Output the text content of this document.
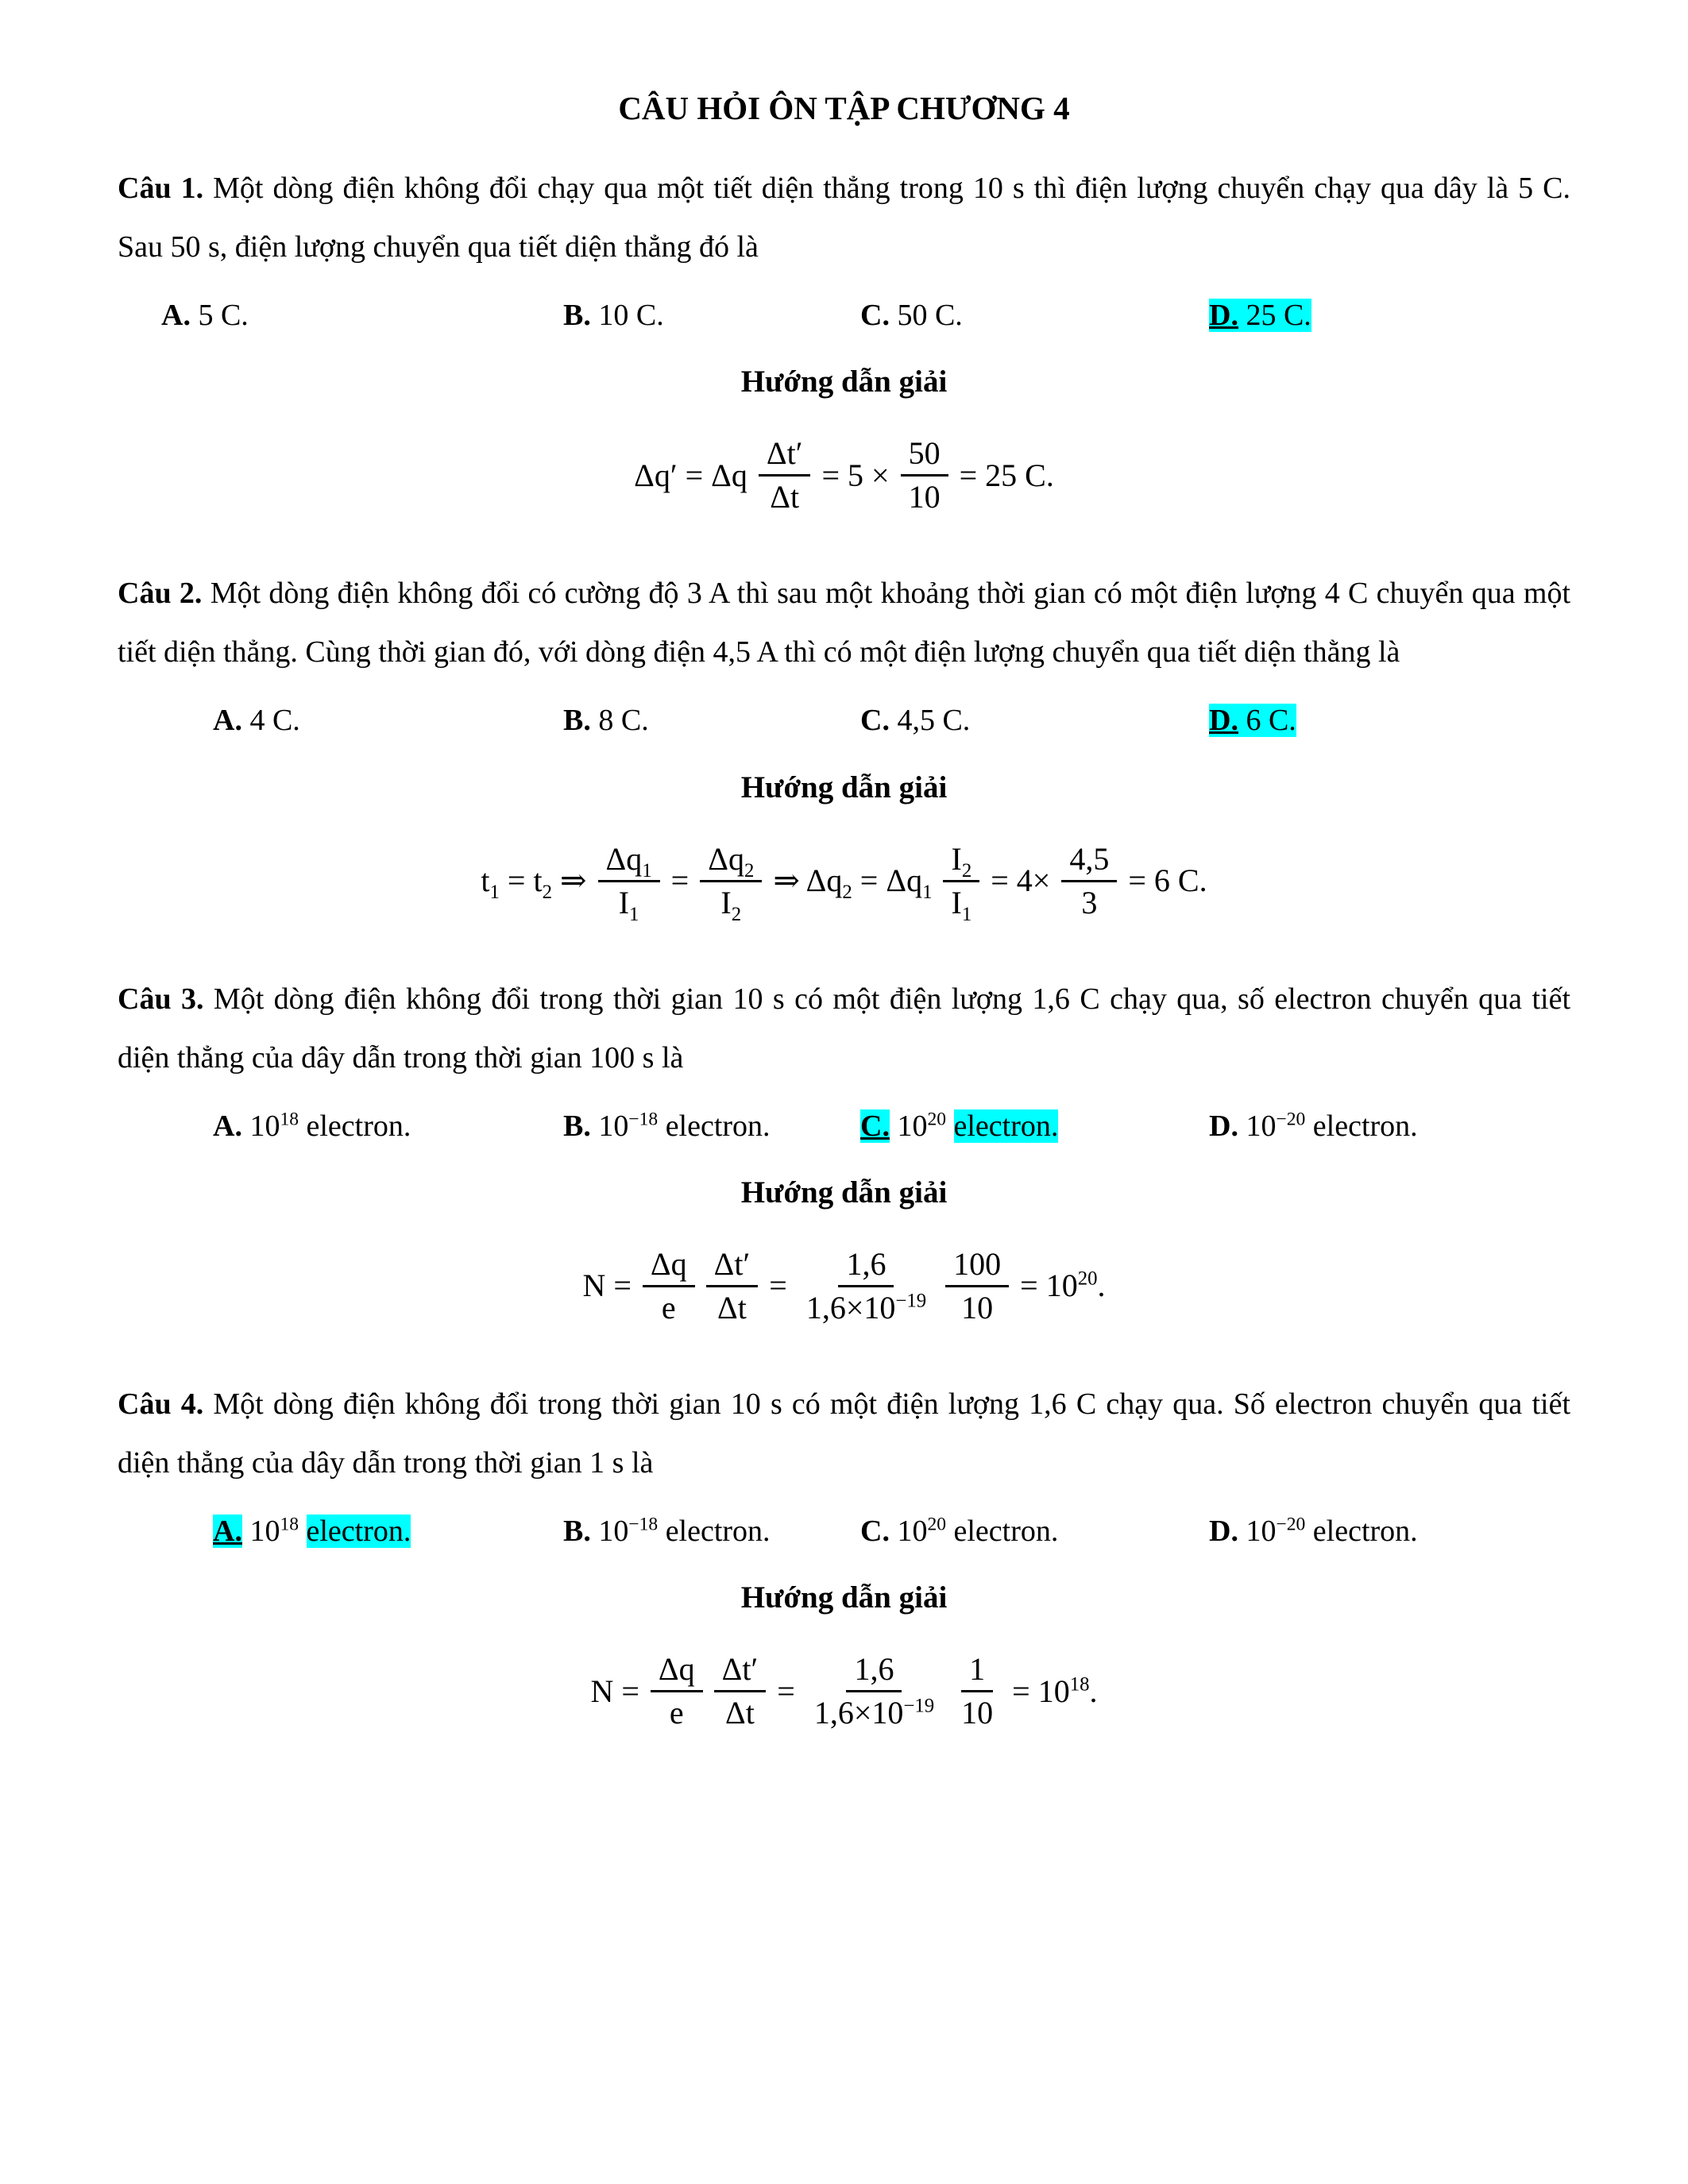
CÂU HỎI ÔN TẬP CHƯƠNG 4

Câu 1. Một dòng điện không đổi chạy qua một tiết diện thẳng trong 10 s thì điện lượng chuyển chạy qua dây là 5 C. Sau 50 s, điện lượng chuyển qua tiết diện thẳng đó là

A. 5 C.	B. 10 C.	C. 50 C.	D. 25 C.
Hướng dẫn giải
Δq′ = Δq $\frac{\Delta t'}{\Delta t} = 5 \times \frac{50}{10} = 25$ C.

Câu 2. Một dòng điện không đổi có cường độ 3 A thì sau một khoảng thời gian có một điện lượng 4 C chuyển qua một tiết diện thẳng. Cùng thời gian đó, với dòng điện 4,5 A thì có một điện lượng chuyển qua tiết diện thằng là

A. 4 C.	B. 8 C.	C. 4,5 C.	D. 6 C.
Hướng dẫn giải
$t_1 = t_2$ ⇒ $\frac{\Delta q_1}{I_1} = \frac{\Delta q_2}{I_2}$ ⇒ $\Delta q_2 = \Delta q_1 \frac{I_2}{I_1} = 4\times \frac{4,5}{3} = 6$ C.

Câu 3. Một dòng điện không đổi trong thời gian 10 s có một điện lượng 1,6 C chạy qua, số electron chuyển qua tiết diện thẳng của dây dẫn trong thời gian 100 s là

A. $10^{18}$ electron.	B. $10^{-18}$ electron.	C. $10^{20}$ electron.	D. $10^{-20}$ electron.
Hướng dẫn giải
$N = \frac{\Delta q}{e} \frac{\Delta t'}{\Delta t} = \frac{1,6}{1,6\times 10^{-19}} \frac{100}{10} = 10^{20}$.

Câu 4. Một dòng điện không đổi trong thời gian 10 s có một điện lượng 1,6 C chạy qua. Số electron chuyển qua tiết diện thẳng của dây dẫn trong thời gian 1 s là

A. $10^{18}$ electron.	B. $10^{-18}$ electron.	C. $10^{20}$ electron.	D. $10^{-20}$ electron.
Hướng dẫn giải
$N = \frac{\Delta q}{e} \frac{\Delta t'}{\Delta t} = \frac{1,6}{1,6\times 10^{-19}} \frac{1}{10} = 10^{18}$.
